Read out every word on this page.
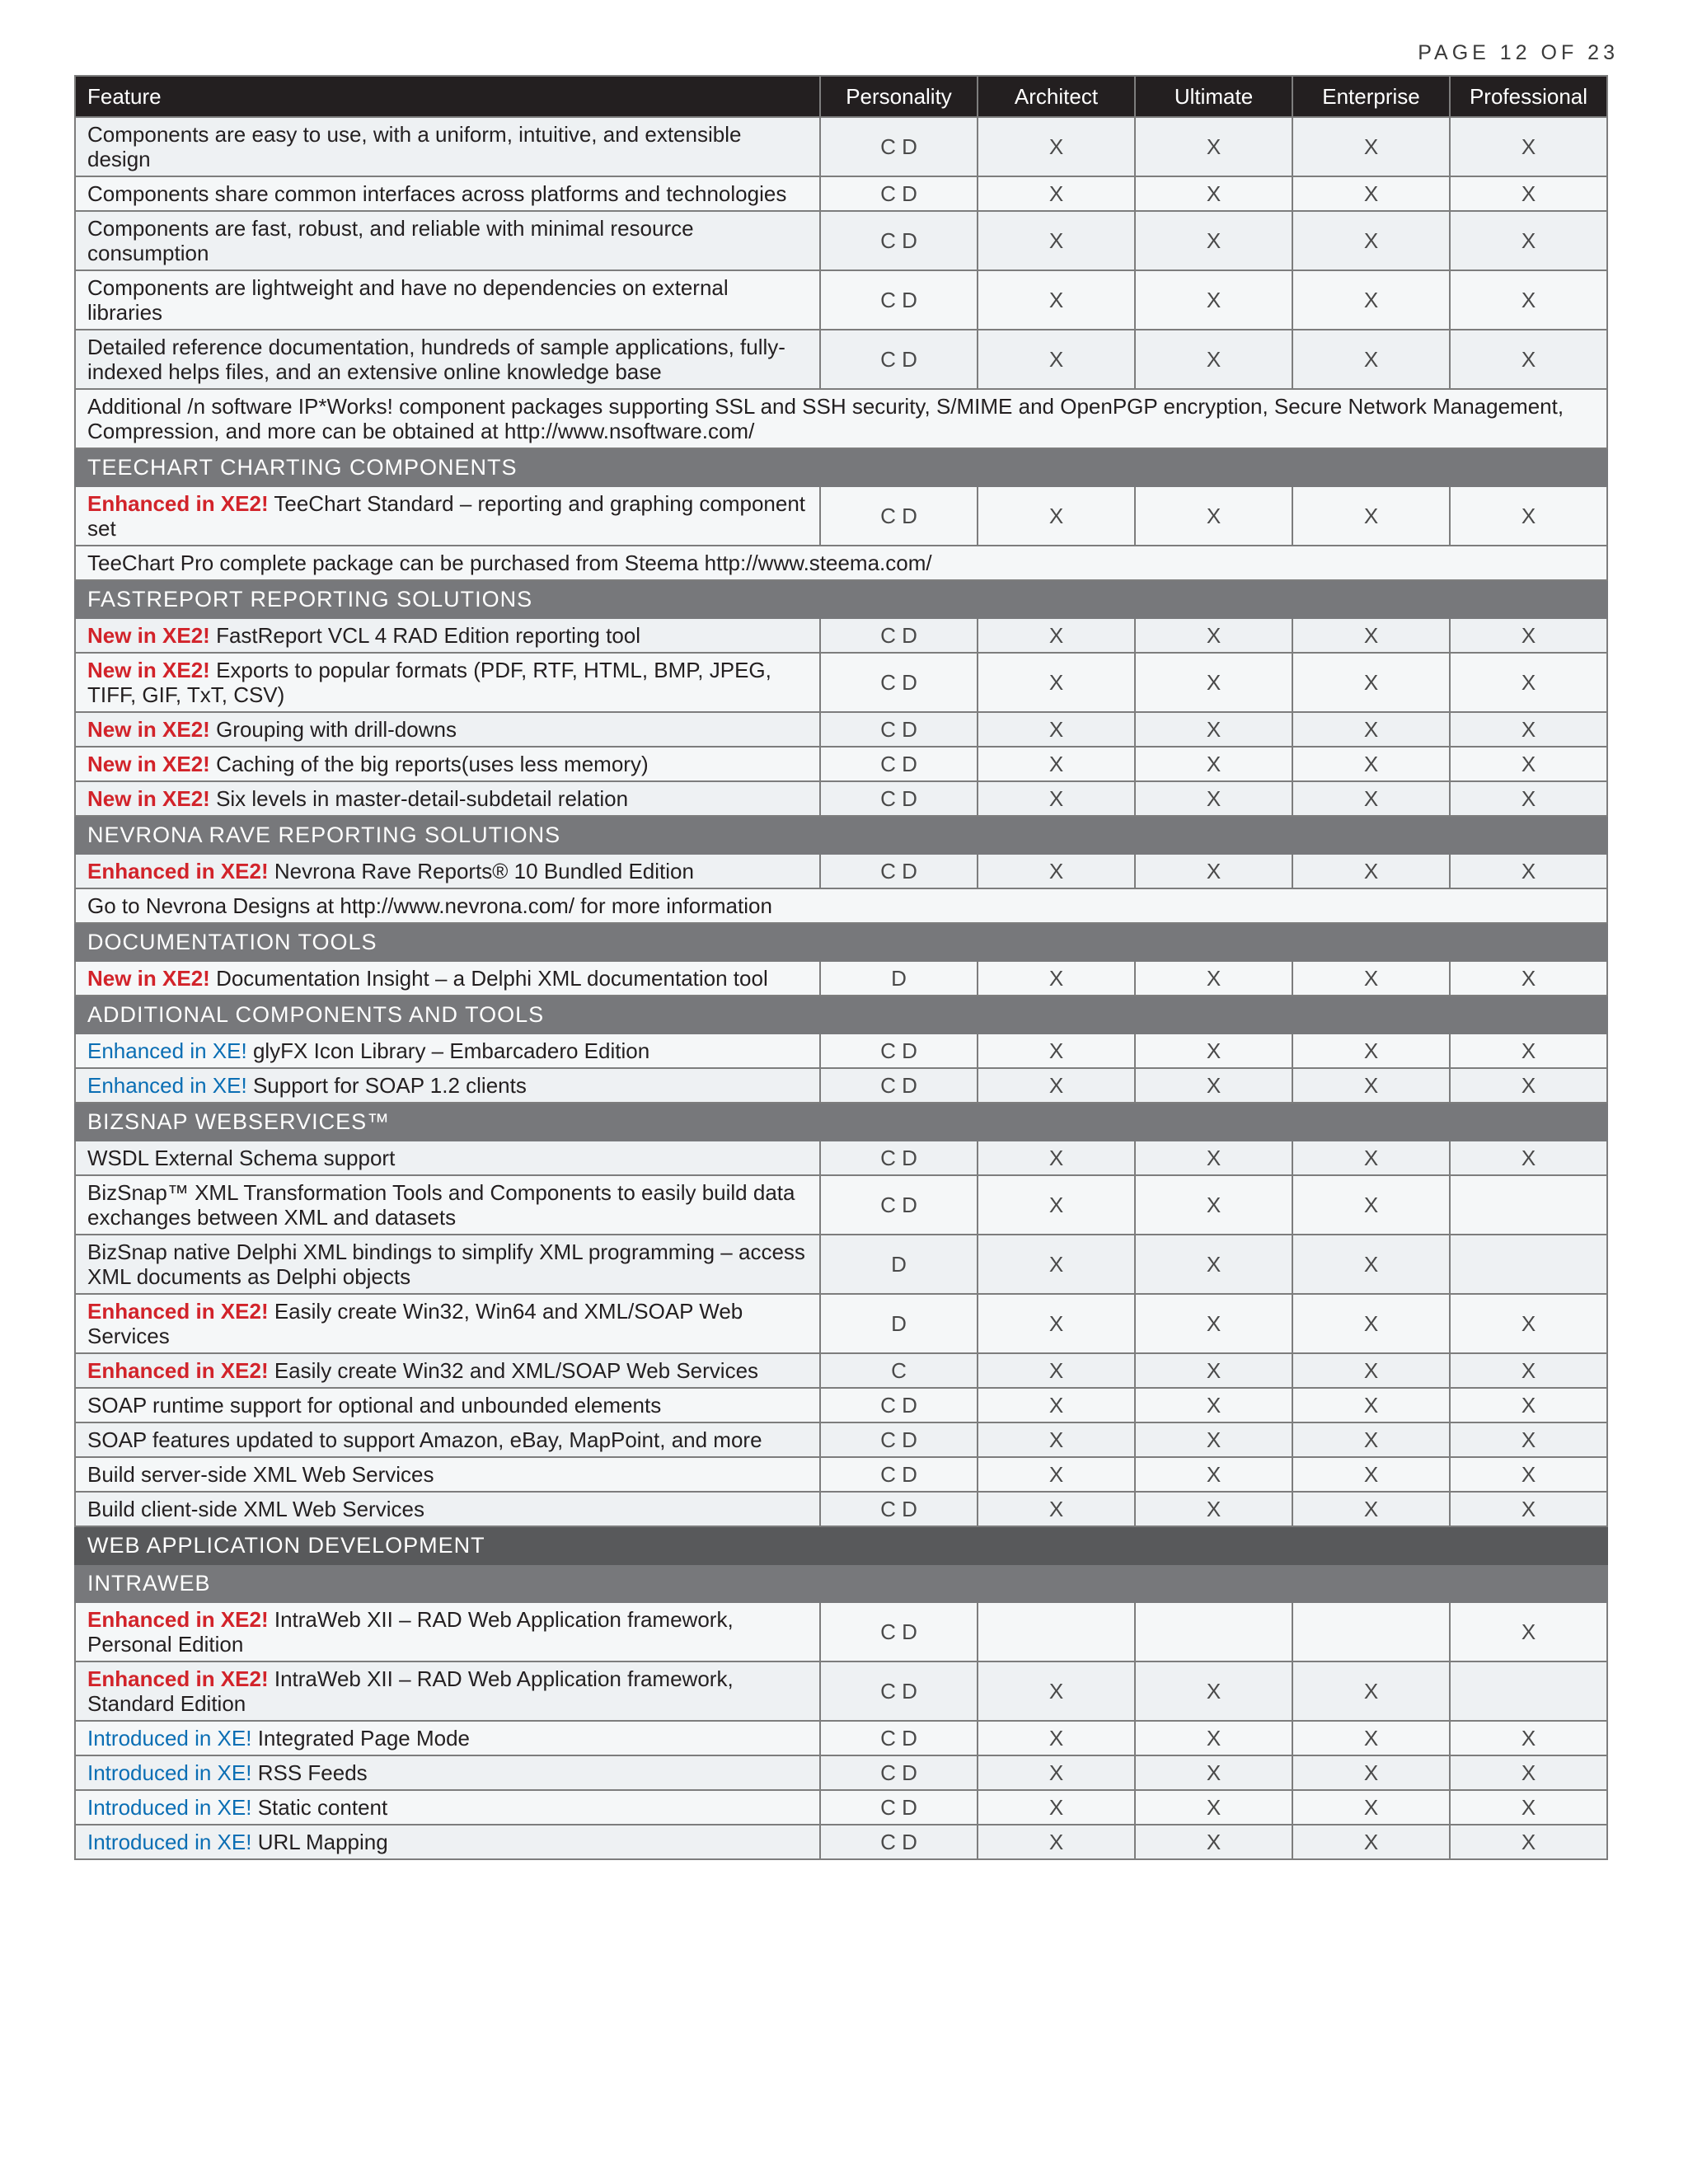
PAGE 12 OF 23
Feature	Personality	Architect	Ultimate	Enterprise	Professional
Components are easy to use, with a uniform, intuitive, and extensible design	C D	X	X	X	X
Components share common interfaces across platforms and technologies	C D	X	X	X	X
Components are fast, robust, and reliable with minimal resource consumption	C D	X	X	X	X
Components are lightweight and have no dependencies on external libraries	C D	X	X	X	X
Detailed reference documentation, hundreds of sample applications, fully-indexed helps files, and an extensive online knowledge base	C D	X	X	X	X
Additional /n software IP*Works! component packages supporting SSL and SSH security, S/MIME and OpenPGP encryption, Secure Network Management, Compression, and more can be obtained at http://www.nsoftware.com/					
TEECHART CHARTING COMPONENTS					
Enhanced in XE2! TeeChart Standard – reporting and graphing component set	C D	X	X	X	X
TeeChart Pro complete package can be purchased from Steema http://www.steema.com/					
FASTREPORT REPORTING SOLUTIONS					
New in XE2! FastReport VCL 4 RAD Edition reporting tool	C D	X	X	X	X
New in XE2! Exports to popular formats (PDF, RTF, HTML, BMP, JPEG, TIFF, GIF, TxT, CSV)	C D	X	X	X	X
New in XE2! Grouping with drill-downs	C D	X	X	X	X
New in XE2! Caching of the big reports(uses less memory)	C D	X	X	X	X
New in XE2! Six levels in master-detail-subdetail relation	C D	X	X	X	X
NEVRONA RAVE REPORTING SOLUTIONS					
Enhanced in XE2! Nevrona Rave Reports® 10 Bundled Edition	C D	X	X	X	X
Go to Nevrona Designs at http://www.nevrona.com/ for more information					
DOCUMENTATION TOOLS					
New in XE2! Documentation Insight – a Delphi XML documentation tool	D	X	X	X	X
ADDITIONAL COMPONENTS AND TOOLS					
Enhanced in XE! glyFX Icon Library – Embarcadero Edition	C D	X	X	X	X
Enhanced in XE! Support for SOAP 1.2 clients	C D	X	X	X	X
BIZSNAP WEBSERVICES™					
WSDL External Schema support	C D	X	X	X	X
BizSnap™ XML Transformation Tools and Components to easily build data exchanges between XML and datasets	C D	X	X	X	
BizSnap native Delphi XML bindings to simplify XML programming – access XML documents as Delphi objects	D	X	X	X	
Enhanced in XE2! Easily create Win32, Win64 and XML/SOAP Web Services	D	X	X	X	X
Enhanced in XE2! Easily create Win32 and XML/SOAP Web Services	C	X	X	X	X
SOAP runtime support for optional and unbounded elements	C D	X	X	X	X
SOAP features updated to support Amazon, eBay, MapPoint, and more	C D	X	X	X	X
Build server-side XML Web Services	C D	X	X	X	X
Build client-side XML Web Services	C D	X	X	X	X
WEB APPLICATION DEVELOPMENT					
INTRAWEB					
Enhanced in XE2! IntraWeb XII – RAD Web Application framework, Personal Edition	C D				X
Enhanced in XE2! IntraWeb XII – RAD Web Application framework, Standard Edition	C D	X	X	X	
Introduced in XE! Integrated Page Mode	C D	X	X	X	X
Introduced in XE! RSS Feeds	C D	X	X	X	X
Introduced in XE! Static content	C D	X	X	X	X
Introduced in XE! URL Mapping	C D	X	X	X	X
